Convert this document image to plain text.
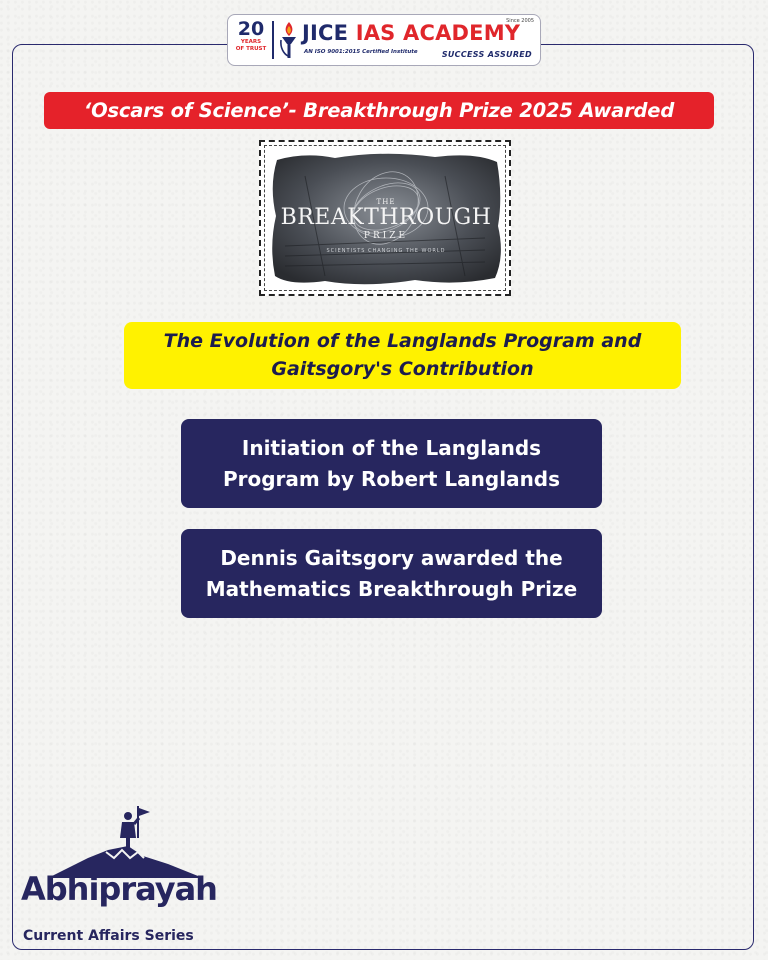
20
YEARS
OF TRUST
JICE IAS ACADEMY
Since 2005
AN ISO 9001:2015 Certified Institute	SUCCESS ASSURED
‘Oscars of Science’- Breakthrough Prize 2025 Awarded
THE
BREAKTHROUGH
PRIZE
SCIENTISTS CHANGING THE WORLD
The Evolution of the Langlands Program and
Gaitsgory's Contribution
Initiation of the Langlands
Program by Robert Langlands
Dennis Gaitsgory awarded the
Mathematics Breakthrough Prize
Abhiprayah
Current Affairs Series
